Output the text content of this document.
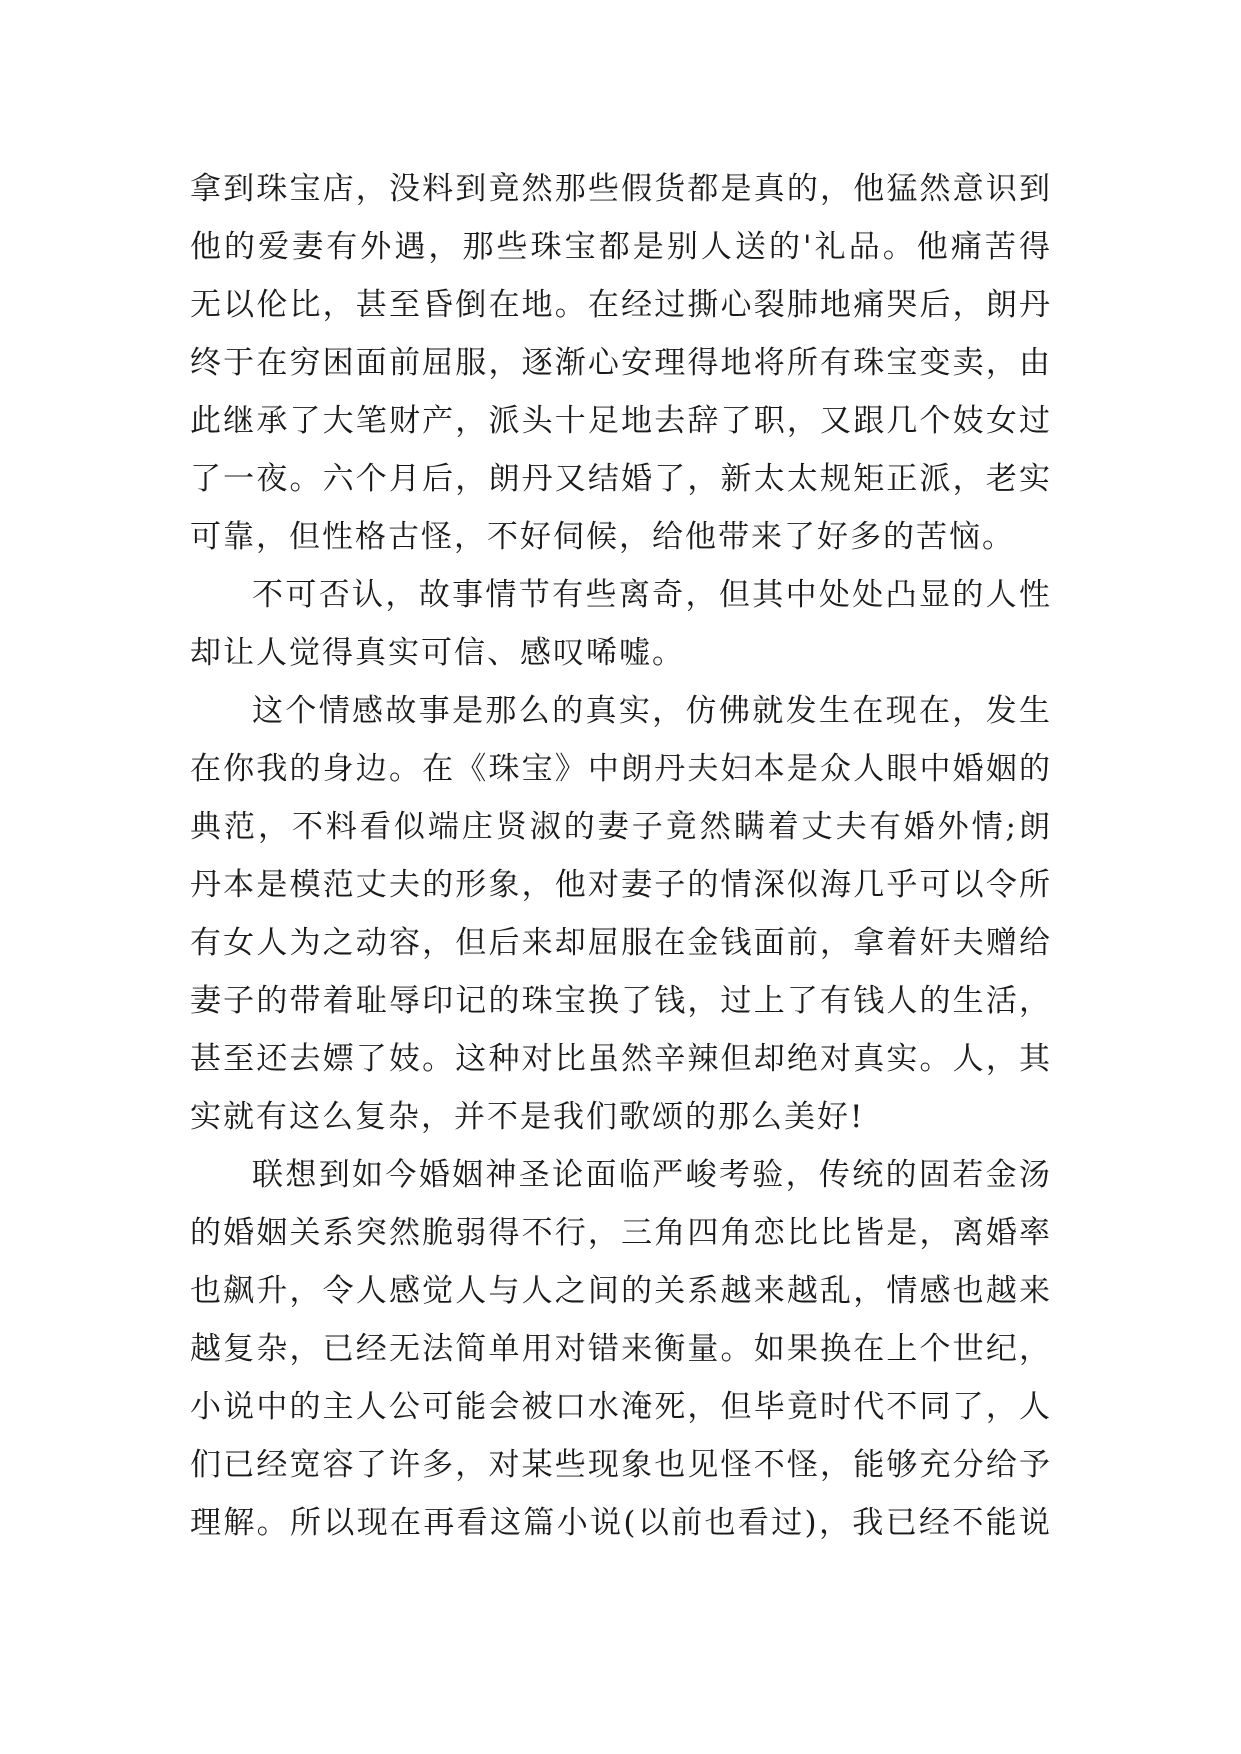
拿到珠宝店，没料到竟然那些假货都是真的，他猛然意识到
他的爱妻有外遇，那些珠宝都是别人送的'礼品。他痛苦得
无以伦比，甚至昏倒在地。在经过撕心裂肺地痛哭后，朗丹
终于在穷困面前屈服，逐渐心安理得地将所有珠宝变卖，由
此继承了大笔财产，派头十足地去辞了职，又跟几个妓女过
了一夜。六个月后，朗丹又结婚了，新太太规矩正派，老实
可靠，但性格古怪，不好伺候，给他带来了好多的苦恼。
不可否认，故事情节有些离奇，但其中处处凸显的人性
却让人觉得真实可信、感叹唏嘘。
这个情感故事是那么的真实，仿佛就发生在现在，发生
在你我的身边。在《珠宝》中朗丹夫妇本是众人眼中婚姻的
典范，不料看似端庄贤淑的妻子竟然瞒着丈夫有婚外情;朗
丹本是模范丈夫的形象，他对妻子的情深似海几乎可以令所
有女人为之动容，但后来却屈服在金钱面前，拿着奸夫赠给
妻子的带着耻辱印记的珠宝换了钱，过上了有钱人的生活，
甚至还去嫖了妓。这种对比虽然辛辣但却绝对真实。人，其
实就有这么复杂，并不是我们歌颂的那么美好!
联想到如今婚姻神圣论面临严峻考验，传统的固若金汤
的婚姻关系突然脆弱得不行，三角四角恋比比皆是，离婚率
也飙升，令人感觉人与人之间的关系越来越乱，情感也越来
越复杂，已经无法简单用对错来衡量。如果换在上个世纪，
小说中的主人公可能会被口水淹死，但毕竟时代不同了，人
们已经宽容了许多，对某些现象也见怪不怪，能够充分给予
理解。所以现在再看这篇小说(以前也看过)，我已经不能说
